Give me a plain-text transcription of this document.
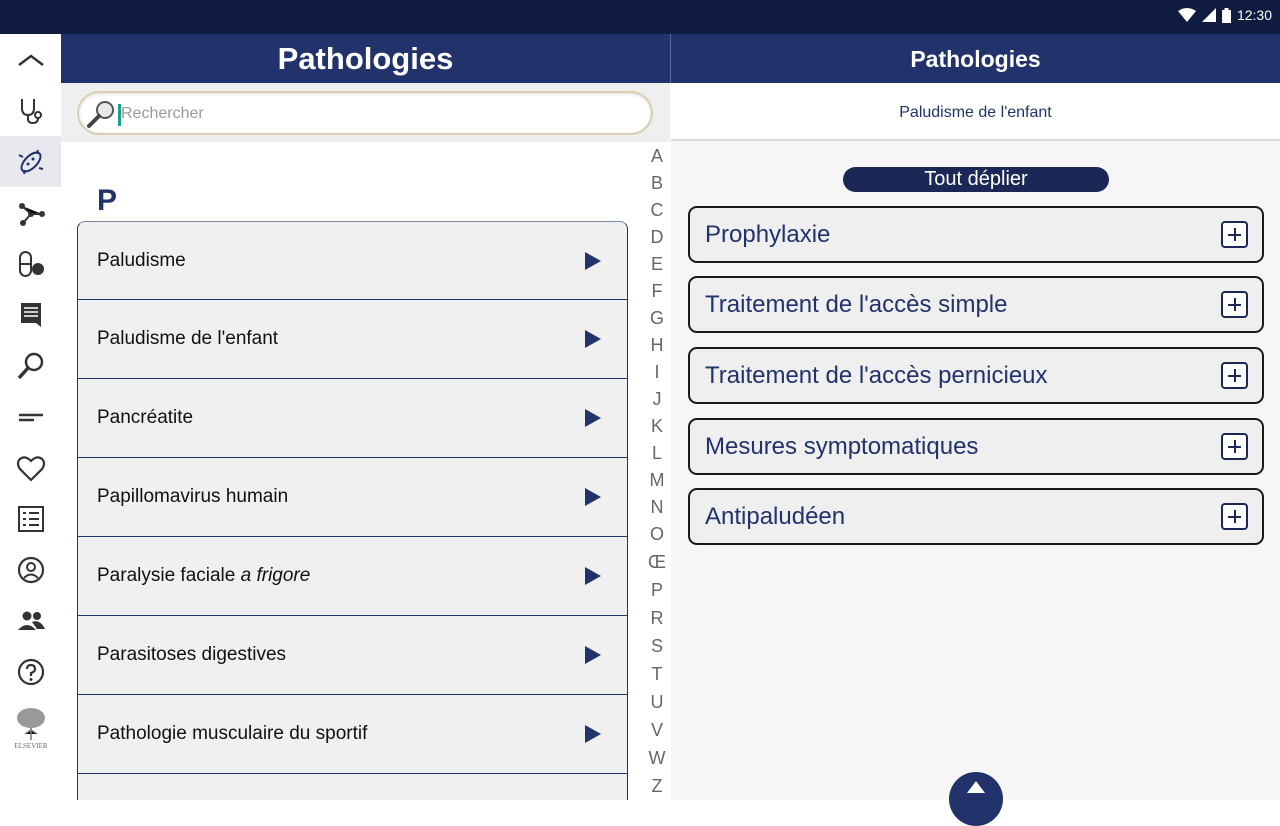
12:30
ELSEVIER
Pathologies	Pathologies
Rechercher
P
Paludisme
Paludisme de l'enfant
Pancréatite
Papillomavirus humain
Paralysie faciale a frigore
Parasitoses digestives
Pathologie musculaire du sportif
A
B
C
D
E
F
G
H
I
J
K
L
M
N
O
Œ
P
R
S
T
U
V
W
Z
Paludisme de l'enfant
Tout déplier
Prophylaxie
Traitement de l'accès simple
Traitement de l'accès pernicieux
Mesures symptomatiques
Antipaludéen
